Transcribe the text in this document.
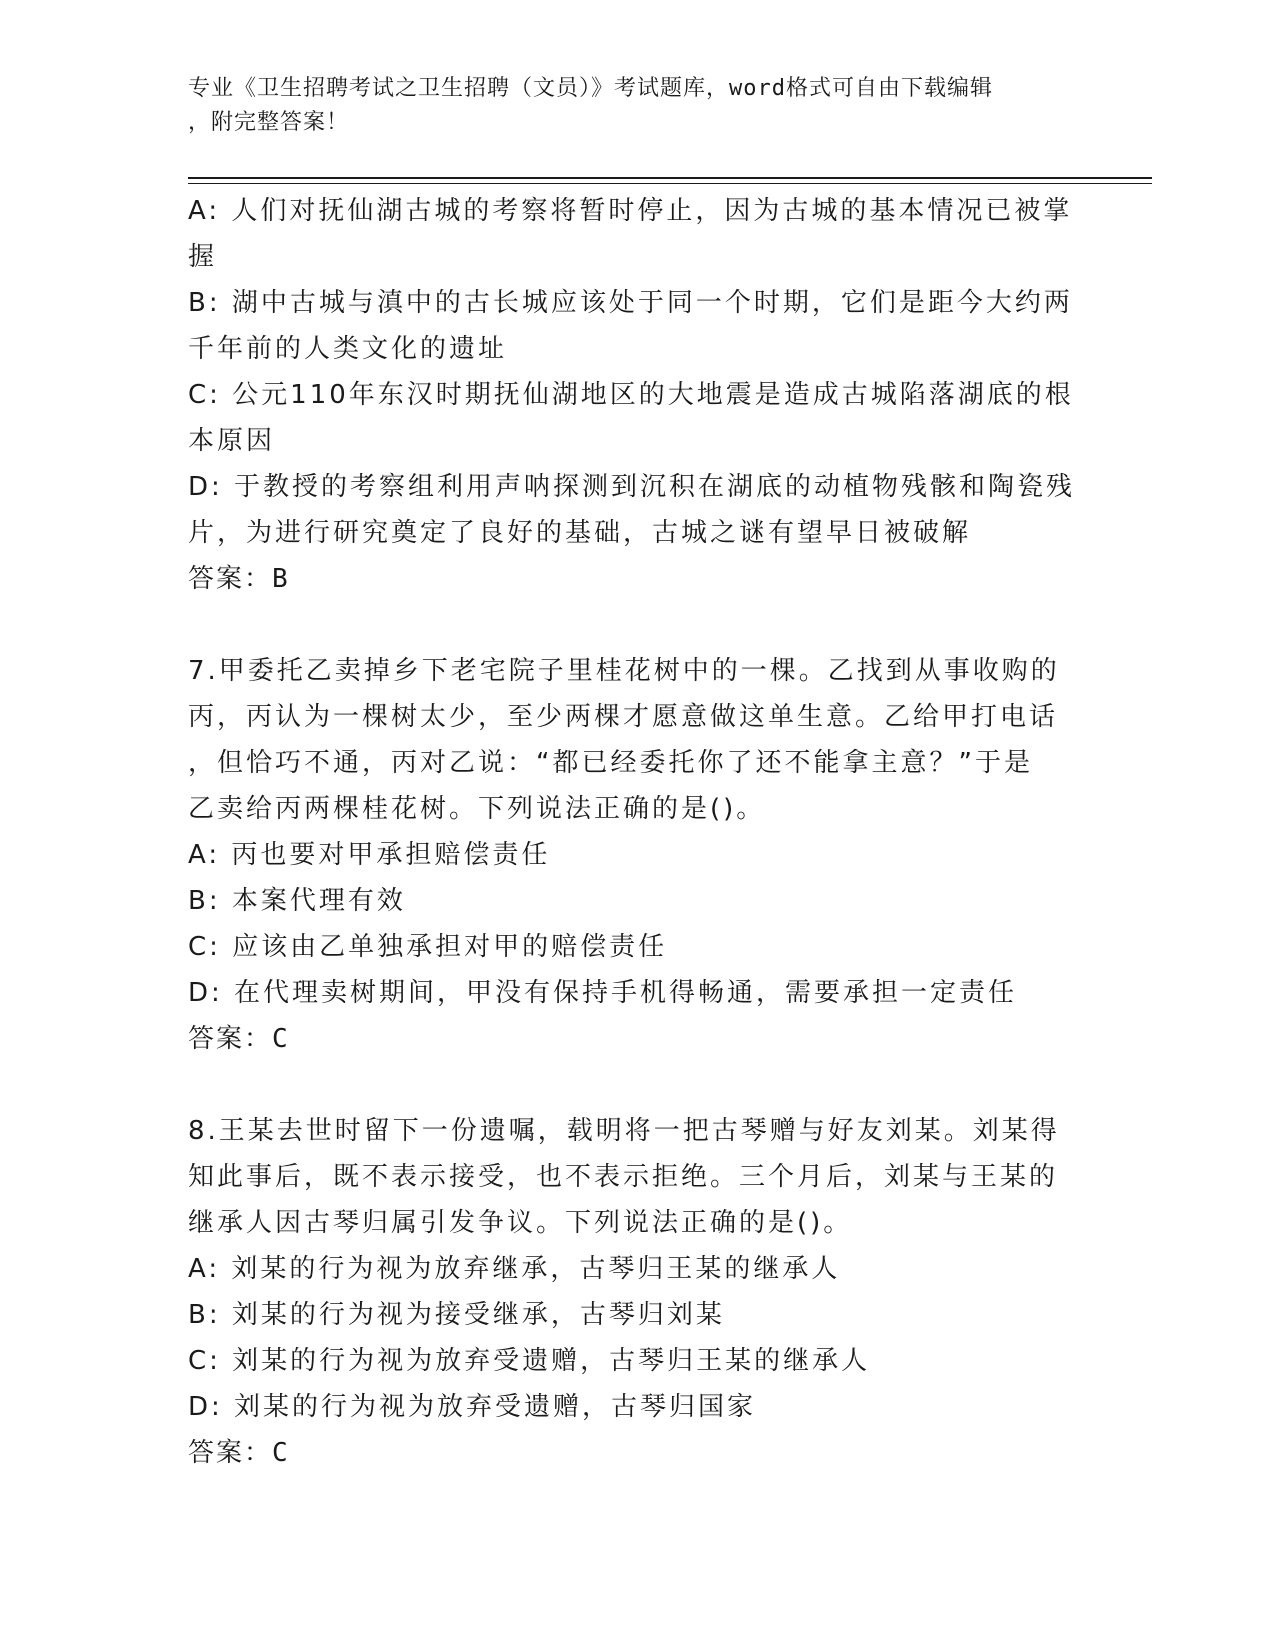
专业《卫生招聘考试之卫生招聘（文员）》考试题库，word格式可自由下载编辑
，附完整答案！
A: 人们对抚仙湖古城的考察将暂时停止，因为古城的基本情况已被掌
握
B: 湖中古城与滇中的古长城应该处于同一个时期，它们是距今大约两
千年前的人类文化的遗址
C: 公元110年东汉时期抚仙湖地区的大地震是造成古城陷落湖底的根
本原因
D: 于教授的考察组利用声呐探测到沉积在湖底的动植物残骸和陶瓷残
片，为进行研究奠定了良好的基础，古城之谜有望早日被破解
答案：B
7.甲委托乙卖掉乡下老宅院子里桂花树中的一棵。乙找到从事收购的
丙，丙认为一棵树太少，至少两棵才愿意做这单生意。乙给甲打电话
，但恰巧不通，丙对乙说：“都已经委托你了还不能拿主意？”于是
乙卖给丙两棵桂花树。下列说法正确的是()。
A: 丙也要对甲承担赔偿责任
B: 本案代理有效
C: 应该由乙单独承担对甲的赔偿责任
D: 在代理卖树期间，甲没有保持手机得畅通，需要承担一定责任
答案：C
8.王某去世时留下一份遗嘱，载明将一把古琴赠与好友刘某。刘某得
知此事后，既不表示接受，也不表示拒绝。三个月后，刘某与王某的
继承人因古琴归属引发争议。下列说法正确的是()。
A: 刘某的行为视为放弃继承，古琴归王某的继承人
B: 刘某的行为视为接受继承，古琴归刘某
C: 刘某的行为视为放弃受遗赠，古琴归王某的继承人
D: 刘某的行为视为放弃受遗赠，古琴归国家
答案：C
